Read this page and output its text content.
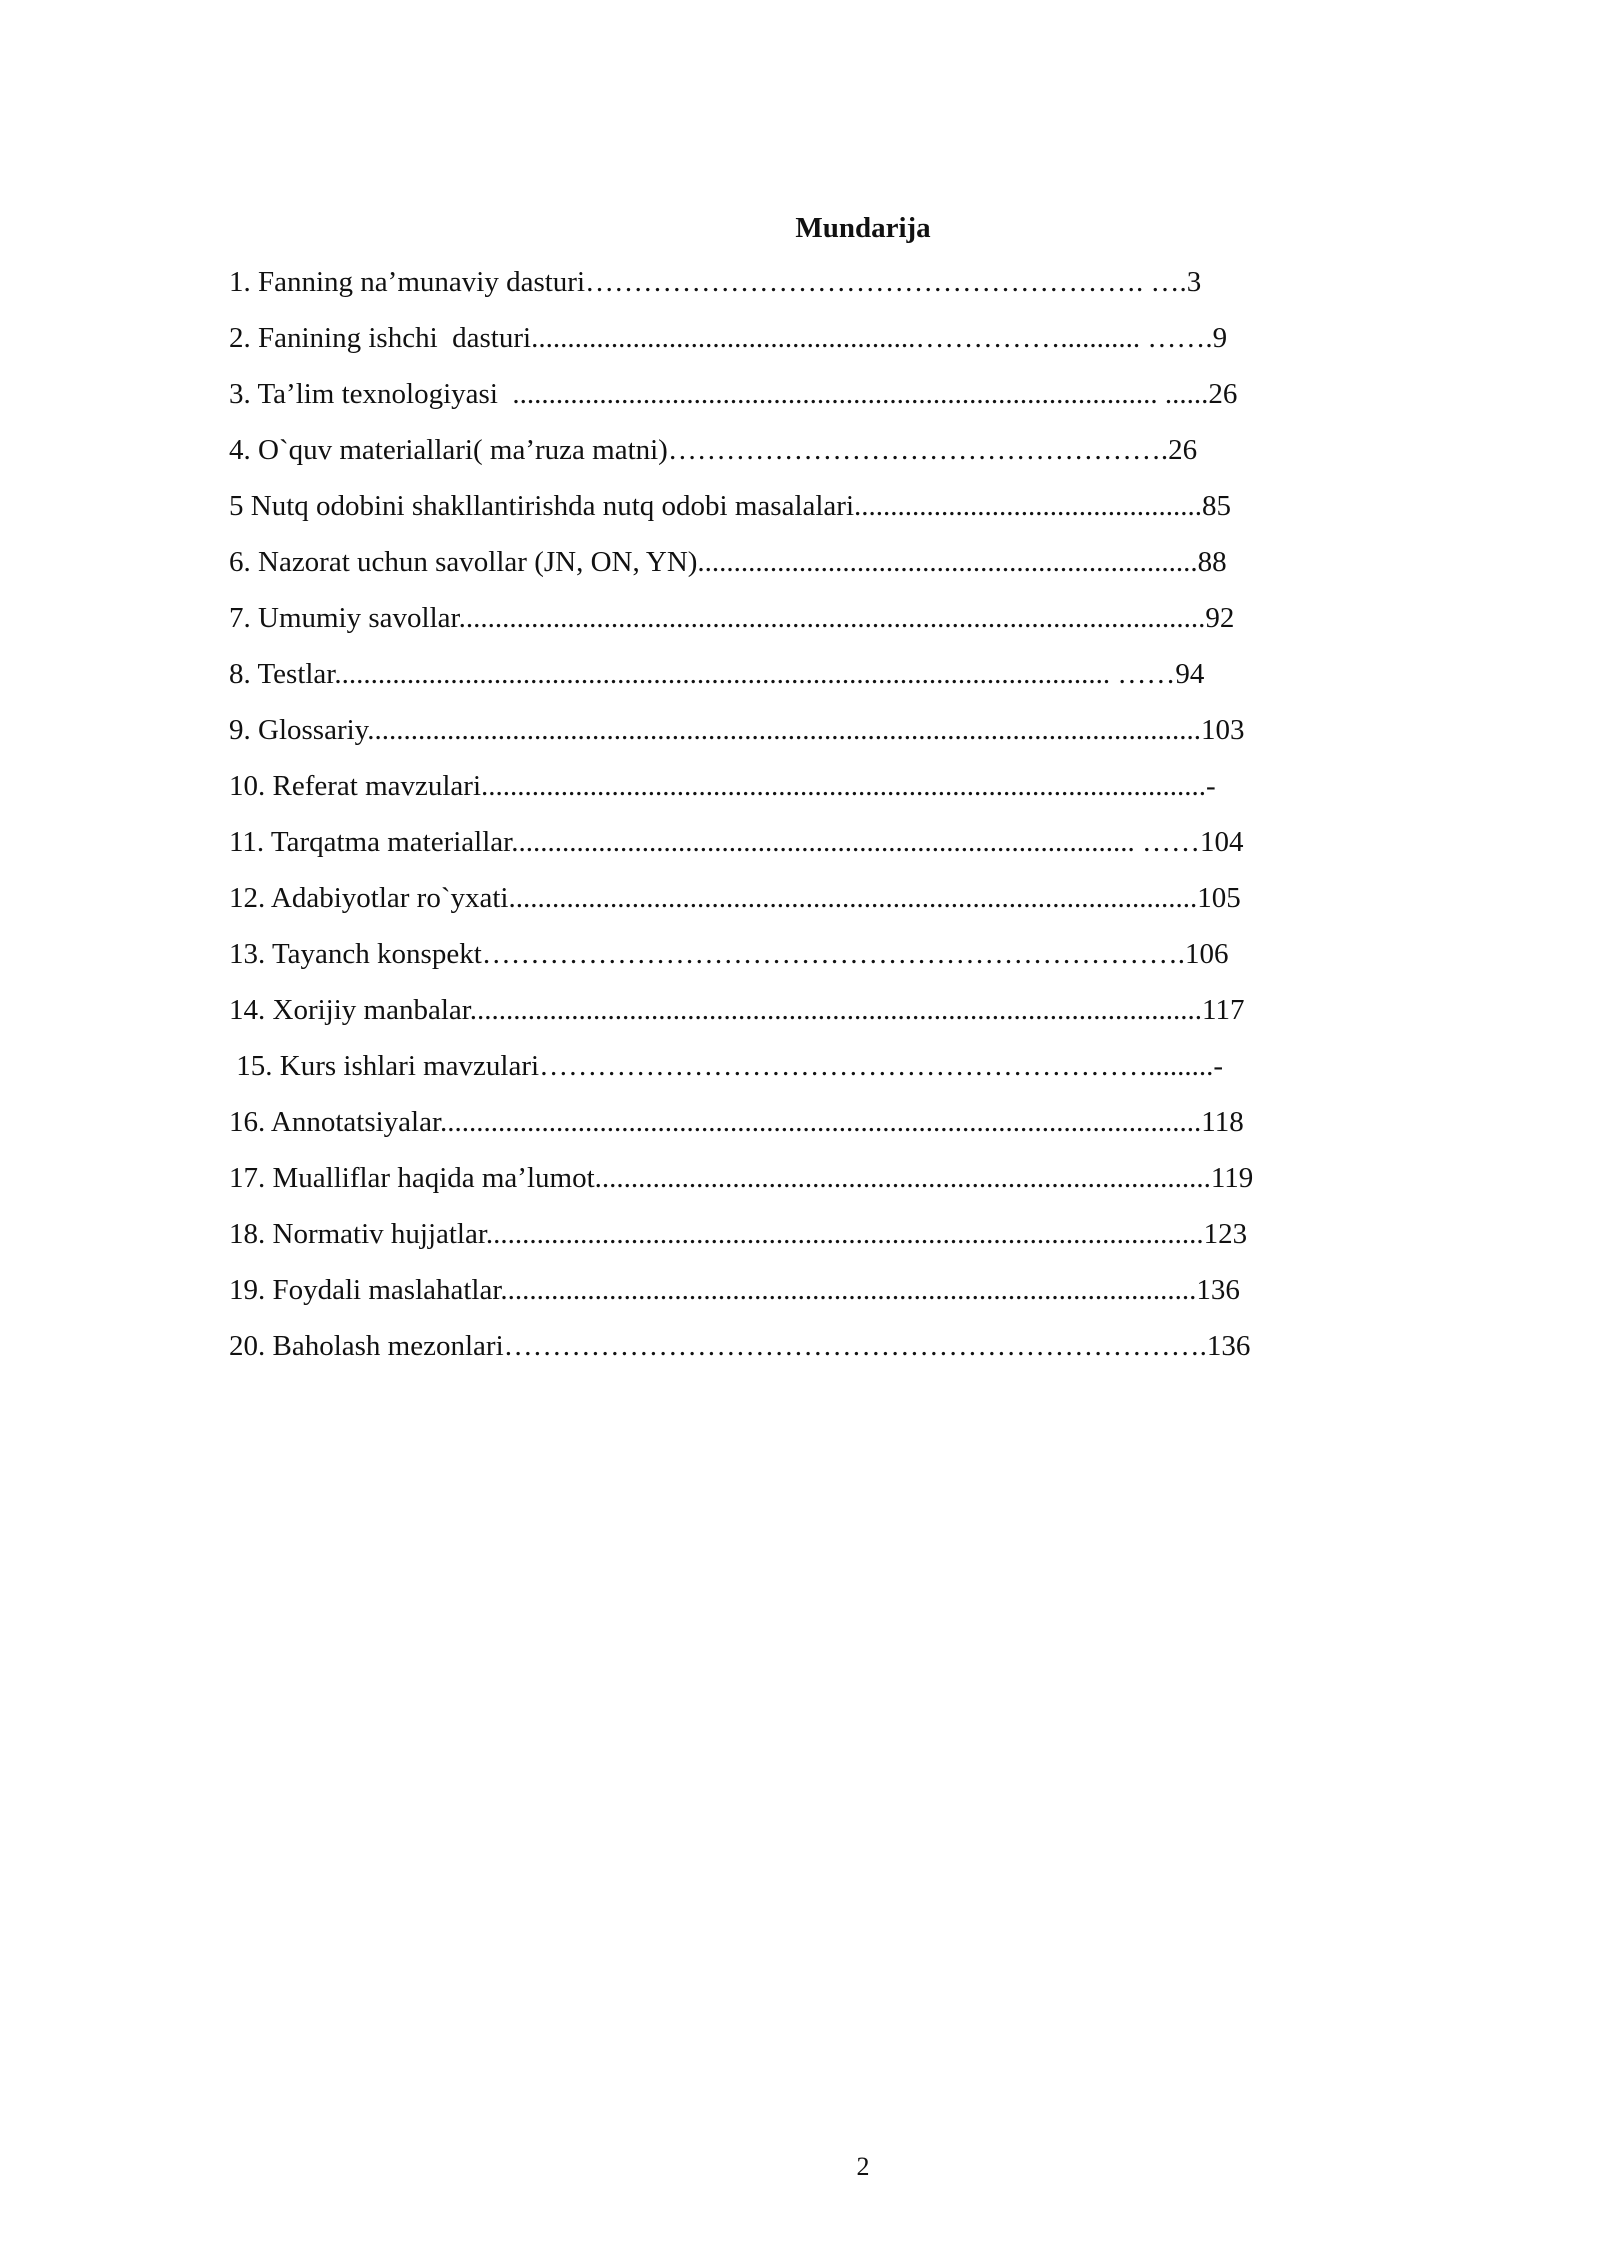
Mundarija
1. Fanning na’munaviy dasturi…………………………………………………. ….3
2. Fanining ishchi  dasturi.....................................................……………........... …….9
3. Ta’lim texnologiyasi  ......................................................................................... ......26
4. O`quv materiallari( ma’ruza matni)…………………………………………….26
5 Nutq odobini shakllantirishda nutq odobi masalalari................................................85
6. Nazorat uchun savollar (JN, ON, YN).....................................................................88
7. Umumiy savollar.......................................................................................................92
8. Testlar........................................................................................................... ……94
9. Glossariy...................................................................................................................103
10. Referat mavzulari....................................................................................................-
11. Tarqatma materiallar...................................................................................... ……104
12. Adabiyotlar ro`yxati...............................................................................................105
13. Tayanch konspekt……………………………………………………………….106
14. Xorijiy manbalar.....................................................................................................117
15. Kurs ishlari mavzulari……………………………………………………….........-
16. Annotatsiyalar.........................................................................................................118
17. Mualliflar haqida ma’lumot.....................................................................................119
18. Normativ hujjatlar...................................................................................................123
19. Foydali maslahatlar................................................................................................136
20. Baholash mezonlari……………………………………………………………….136
2
